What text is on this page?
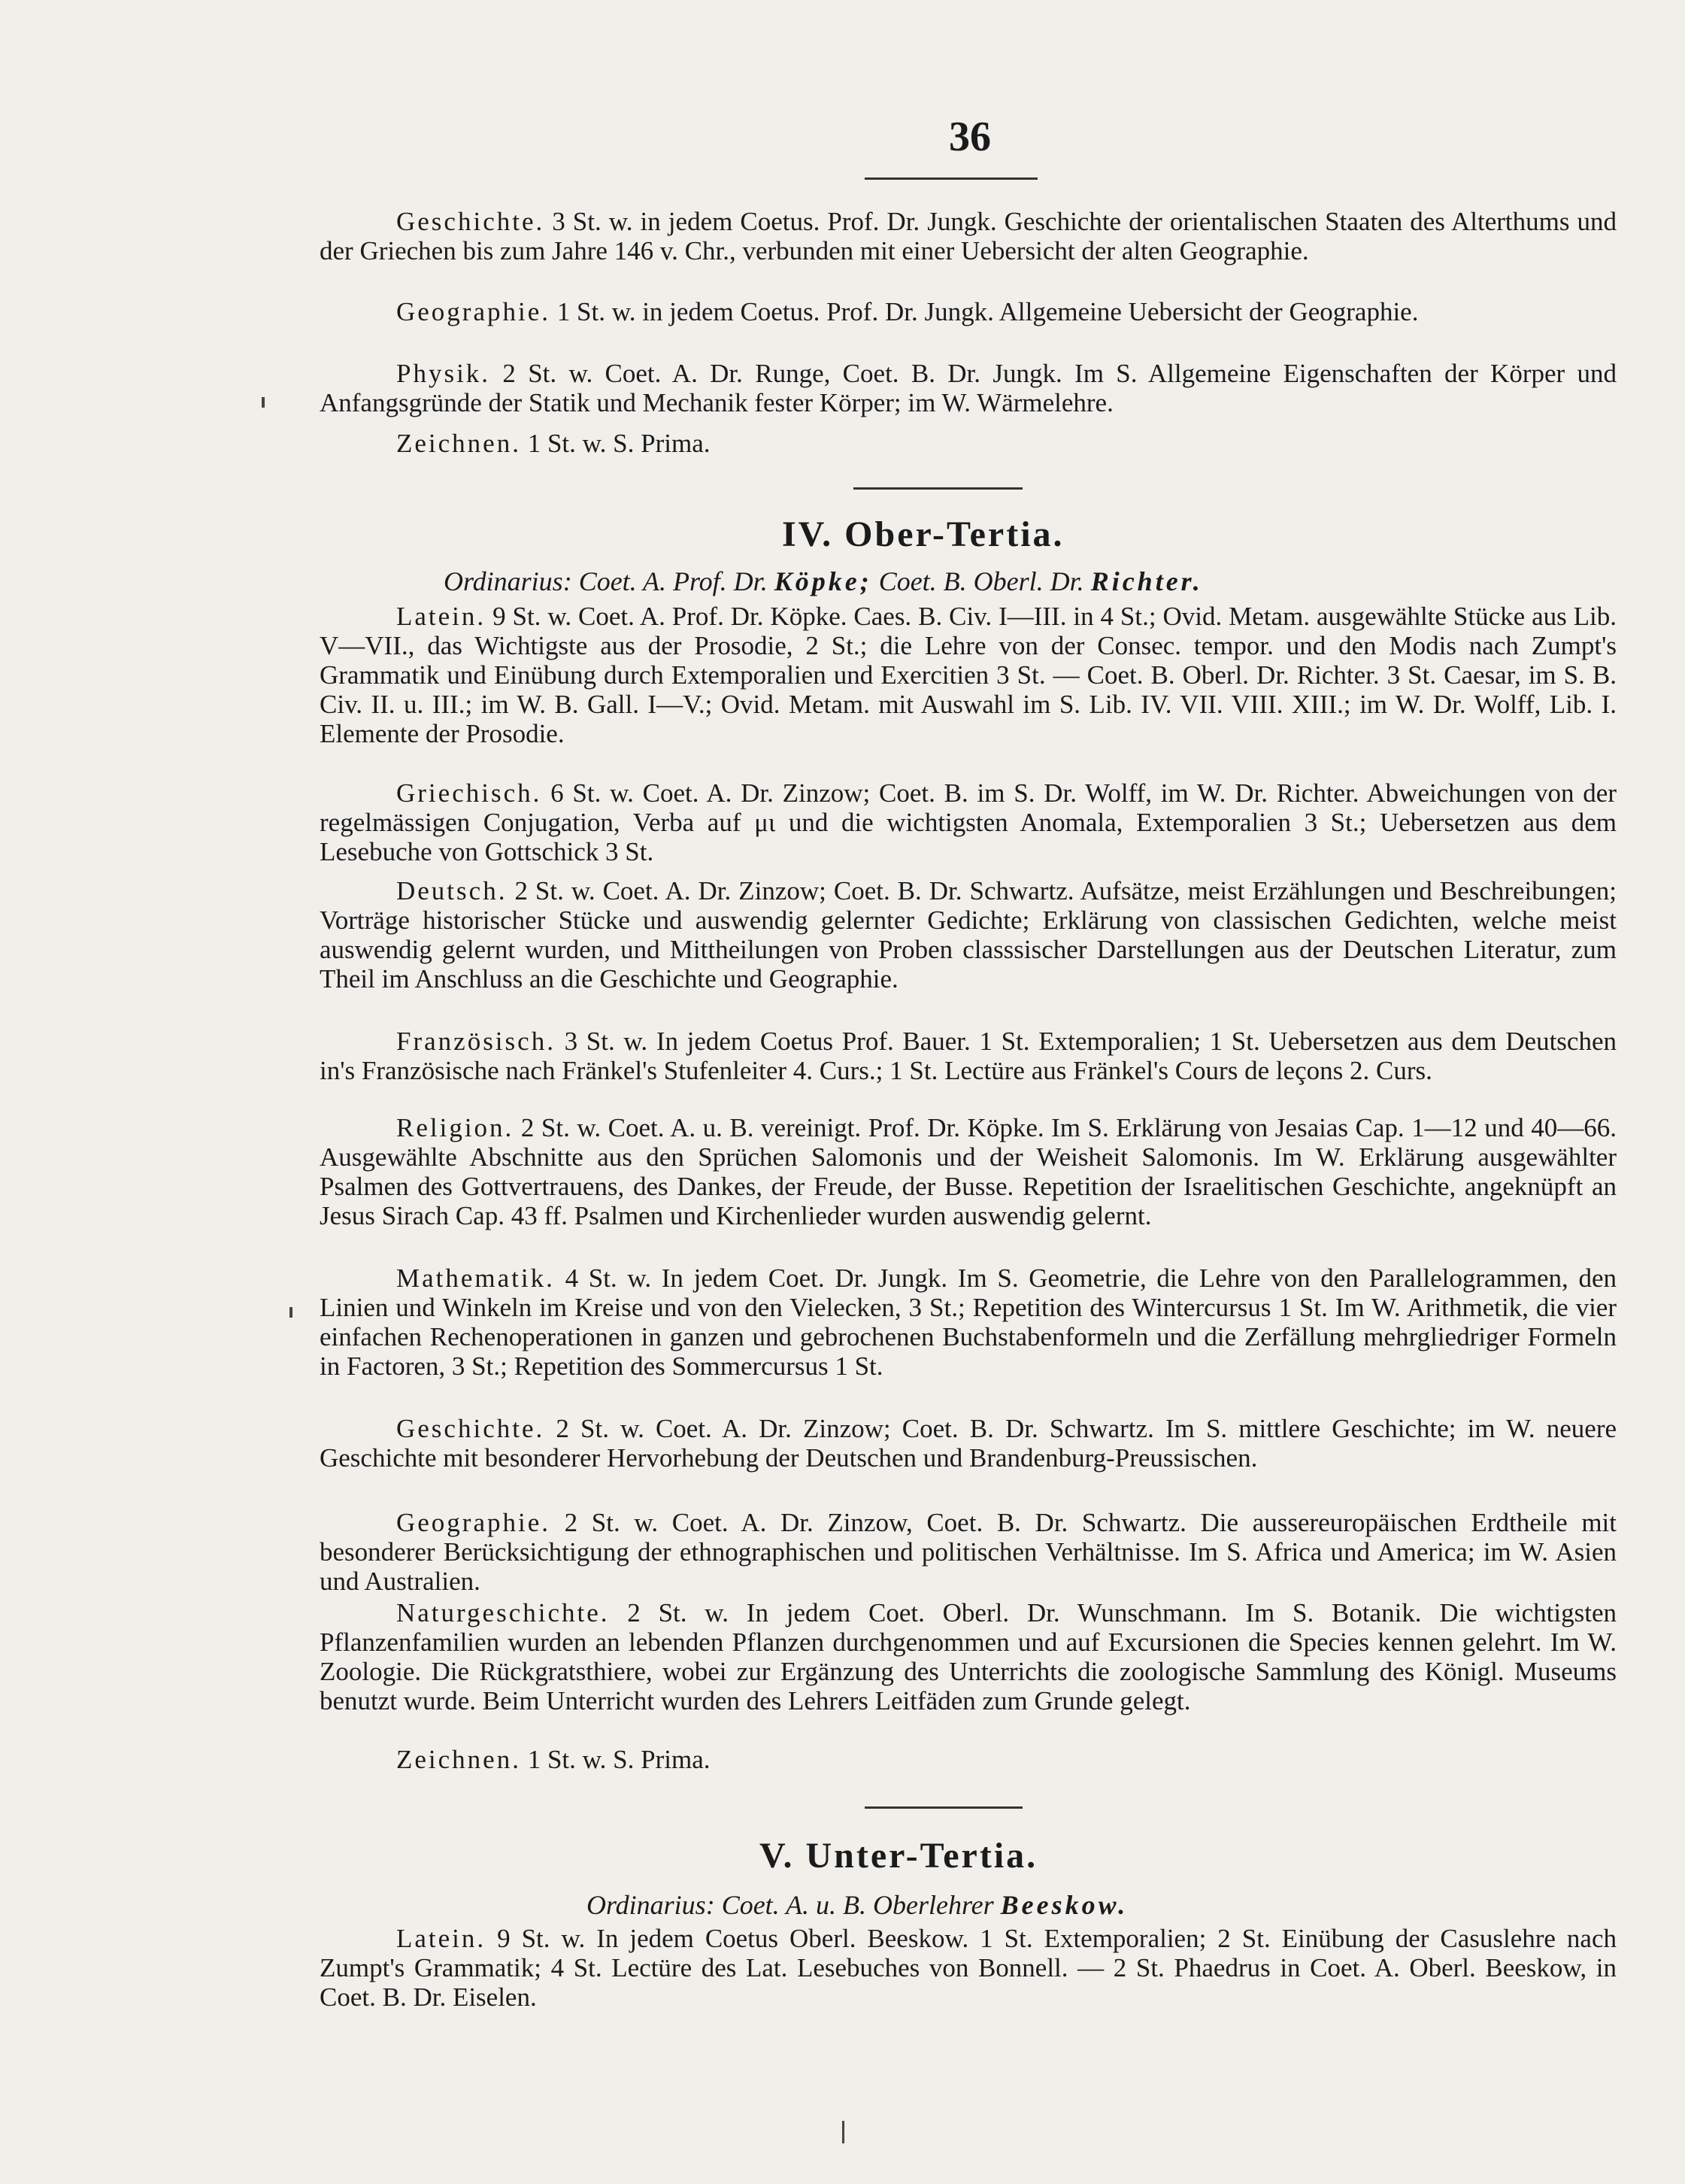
36
Geschichte. 3 St. w. in jedem Coetus. Prof. Dr. Jungk. Geschichte der orientalischen Staaten des Alterthums und der Griechen bis zum Jahre 146 v. Chr., verbunden mit einer Uebersicht der alten Geographie.
Geographie. 1 St. w. in jedem Coetus. Prof. Dr. Jungk. Allgemeine Uebersicht der Geographie.
Physik. 2 St. w. Coet. A. Dr. Runge, Coet. B. Dr. Jungk. Im S. Allgemeine Eigenschaften der Körper und Anfangsgründe der Statik und Mechanik fester Körper; im W. Wärmelehre.
Zeichnen. 1 St. w. S. Prima.
IV. Ober-Tertia.
Ordinarius: Coet. A. Prof. Dr. Köpke; Coet. B. Oberl. Dr. Richter.
Latein. 9 St. w. Coet. A. Prof. Dr. Köpke. Caes. B. Civ. I—III. in 4 St.; Ovid. Metam. ausgewählte Stücke aus Lib. V—VII., das Wichtigste aus der Prosodie, 2 St.; die Lehre von der Consec. tempor. und den Modis nach Zumpt's Grammatik und Einübung durch Extemporalien und Exercitien 3 St. — Coet. B. Oberl. Dr. Richter. 3 St. Caesar, im S. B. Civ. II. u. III.; im W. B. Gall. I—V.; Ovid. Metam. mit Auswahl im S. Lib. IV. VII. VIII. XIII.; im W. Dr. Wolff, Lib. I. Elemente der Prosodie.
Griechisch. 6 St. w. Coet. A. Dr. Zinzow; Coet. B. im S. Dr. Wolff, im W. Dr. Richter. Abweichungen von der regelmässigen Conjugation, Verba auf μι und die wichtigsten Anomala, Extemporalien 3 St.; Uebersetzen aus dem Lesebuche von Gottschick 3 St.
Deutsch. 2 St. w. Coet. A. Dr. Zinzow; Coet. B. Dr. Schwartz. Aufsätze, meist Erzählungen und Beschreibungen; Vorträge historischer Stücke und auswendig gelernter Gedichte; Erklärung von classischen Gedichten, welche meist auswendig gelernt wurden, und Mittheilungen von Proben classsischer Darstellungen aus der Deutschen Literatur, zum Theil im Anschluss an die Geschichte und Geographie.
Französisch. 3 St. w. In jedem Coetus Prof. Bauer. 1 St. Extemporalien; 1 St. Uebersetzen aus dem Deutschen in's Französische nach Fränkel's Stufenleiter 4. Curs.; 1 St. Lectüre aus Fränkel's Cours de leçons 2. Curs.
Religion. 2 St. w. Coet. A. u. B. vereinigt. Prof. Dr. Köpke. Im S. Erklärung von Jesaias Cap. 1—12 und 40—66. Ausgewählte Abschnitte aus den Sprüchen Salomonis und der Weisheit Salomonis. Im W. Erklärung ausgewählter Psalmen des Gottvertrauens, des Dankes, der Freude, der Busse. Repetition der Israelitischen Geschichte, angeknüpft an Jesus Sirach Cap. 43 ff. Psalmen und Kirchenlieder wurden auswendig gelernt.
Mathematik. 4 St. w. In jedem Coet. Dr. Jungk. Im S. Geometrie, die Lehre von den Parallelogrammen, den Linien und Winkeln im Kreise und von den Vielecken, 3 St.; Repetition des Wintercursus 1 St. Im W. Arithmetik, die vier einfachen Rechenoperationen in ganzen und gebrochenen Buchstabenformeln und die Zerfällung mehrgliedriger Formeln in Factoren, 3 St.; Repetition des Sommercursus 1 St.
Geschichte. 2 St. w. Coet. A. Dr. Zinzow; Coet. B. Dr. Schwartz. Im S. mittlere Geschichte; im W. neuere Geschichte mit besonderer Hervorhebung der Deutschen und Brandenburg-Preussischen.
Geographie. 2 St. w. Coet. A. Dr. Zinzow, Coet. B. Dr. Schwartz. Die aussereuropäischen Erdtheile mit besonderer Berücksichtigung der ethnographischen und politischen Verhältnisse. Im S. Africa und America; im W. Asien und Australien.
Naturgeschichte. 2 St. w. In jedem Coet. Oberl. Dr. Wunschmann. Im S. Botanik. Die wichtigsten Pflanzenfamilien wurden an lebenden Pflanzen durchgenommen und auf Excursionen die Species kennen gelehrt. Im W. Zoologie. Die Rückgratsthiere, wobei zur Ergänzung des Unterrichts die zoologische Sammlung des Königl. Museums benutzt wurde. Beim Unterricht wurden des Lehrers Leitfäden zum Grunde gelegt.
Zeichnen. 1 St. w. S. Prima.
V. Unter-Tertia.
Ordinarius: Coet. A. u. B. Oberlehrer Beeskow.
Latein. 9 St. w. In jedem Coetus Oberl. Beeskow. 1 St. Extemporalien; 2 St. Einübung der Casuslehre nach Zumpt's Grammatik; 4 St. Lectüre des Lat. Lesebuches von Bonnell. — 2 St. Phaedrus in Coet. A. Oberl. Beeskow, in Coet. B. Dr. Eiselen.
